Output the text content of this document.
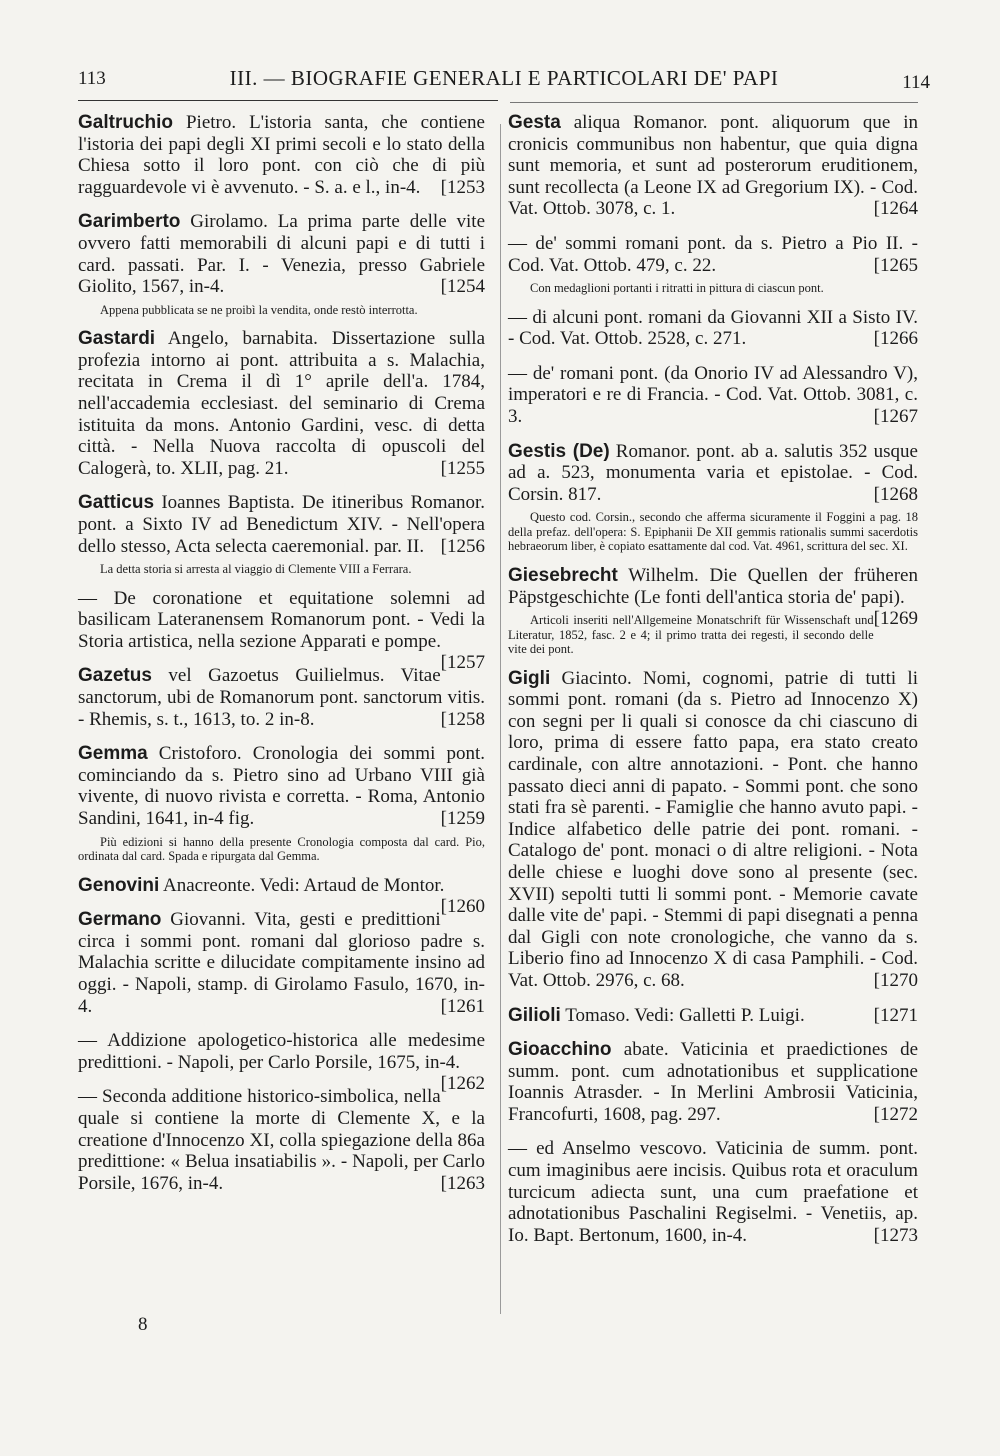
113	III. — BIOGRAFIE GENERALI E PARTICOLARI DE' PAPI	114

Galtruchio Pietro. L'istoria santa, che contiene l'istoria dei papi degli XI primi secoli e lo stato della Chiesa sotto il loro pont. con ciò che di più ragguardevole vi è avvenuto. - S. a. e l., in-4. [1253

Garimberto Girolamo. La prima parte delle vite ovvero fatti memorabili di alcuni papi e di tutti i card. passati. Par. I. - Venezia, presso Gabriele Giolito, 1567, in-4.	[1254

Appena pubblicata se ne proibì la vendita, onde restò interrotta.

Gastardi Angelo, barnabita. Dissertazione sulla profezia intorno ai pont. attribuita a s. Malachia, recitata in Crema il dì 1° aprile dell'a. 1784, nell'accademia ecclesiast. del seminario di Crema istituita da mons. Antonio Gardini, vesc. di detta città. - Nella Nuova raccolta di opuscoli del Calogerà, to. XLII, pag. 21.	[1255

Gatticus Ioannes Baptista. De itineribus Romanor. pont. a Sixto IV ad Benedictum XIV. - Nell'opera dello stesso, Acta selecta caeremonial. par. II. [1256

La detta storia si arresta al viaggio di Clemente VIII a Ferrara.

— De coronatione et equitatione solemni ad basilicam Lateranensem Romanorum pont. - Vedi la Storia artistica, nella sezione Apparati e pompe.
[1257

Gazetus vel Gazoetus Guilielmus. Vitae sanctorum, ubi de Romanorum pont. sanctorum vitis. - Rhemis, s. t., 1613, to. 2 in-8.	[1258

Gemma Cristoforo. Cronologia dei sommi pont. cominciando da s. Pietro sino ad Urbano VIII già vivente, di nuovo rivista e corretta. - Roma, Antonio Sandini, 1641, in-4 fig.	[1259

Più edizioni si hanno della presente Cronologia composta dal card. Pio, ordinata dal card. Spada e ripurgata dal Gemma.

Genovini Anacreonte. Vedi: Artaud de Montor.
[1260

Germano Giovanni. Vita, gesti e predittioni circa i sommi pont. romani dal glorioso padre s. Malachia scritte e dilucidate compitamente insino ad oggi. - Napoli, stamp. di Girolamo Fasulo, 1670, in-4.	[1261

— Addizione apologetico-historica alle medesime predittioni. - Napoli, per Carlo Porsile, 1675, in-4.
[1262

— Seconda additione historico-simbolica, nella quale si contiene la morte di Clemente X, e la creatione d'Innocenzo XI, colla spiegazione della 86a predittione: « Belua insatiabilis ». - Napoli, per Carlo Porsile, 1676, in-4.	[1263

Gesta aliqua Romanor. pont. aliquorum que in cronicis communibus non habentur, que quia digna sunt memoria, et sunt ad posterorum eruditionem, sunt recollecta (a Leone IX ad Gregorium IX). - Cod. Vat. Ottob. 3078, c. 1.	[1264

— de' sommi romani pont. da s. Pietro a Pio II. - Cod. Vat. Ottob. 479, c. 22.	[1265

Con medaglioni portanti i ritratti in pittura di ciascun pont.

— di alcuni pont. romani da Giovanni XII a Sisto IV. - Cod. Vat. Ottob. 2528, c. 271.	[1266

— de' romani pont. (da Onorio IV ad Alessandro V), imperatori e re di Francia. - Cod. Vat. Ottob. 3081, c. 3.	[1267

Gestis (De) Romanor. pont. ab a. salutis 352 usque ad a. 523, monumenta varia et epistolae. - Cod. Corsin. 817.	[1268

Questo cod. Corsin., secondo che afferma sicuramente il Foggini a pag. 18 della prefaz. dell'opera: S. Epiphanii De XII gemmis rationalis summi sacerdotis hebraeorum liber, è copiato esattamente dal cod. Vat. 4961, scrittura del sec. XI.

Giesebrecht Wilhelm. Die Quellen der früheren Päpstgeschichte (Le fonti dell'antica storia de' papi).
[1269

Articoli inseriti nell'Allgemeine Monatschrift für Wissenschaft und Literatur, 1852, fasc. 2 e 4; il primo tratta dei regesti, il secondo delle vite dei pont.

Gigli Giacinto. Nomi, cognomi, patrie di tutti li sommi pont. romani (da s. Pietro ad Innocenzo X) con segni per li quali si conosce da chi ciascuno di loro, prima di essere fatto papa, era stato creato cardinale, con altre annotazioni. - Pont. che hanno passato dieci anni di papato. - Sommi pont. che sono stati fra sè parenti. - Famiglie che hanno avuto papi. - Indice alfabetico delle patrie dei pont. romani. - Catalogo de' pont. monaci o di altre religioni. - Nota delle chiese e luoghi dove sono al presente (sec. XVII) sepolti tutti li sommi pont. - Memorie cavate dalle vite de' papi. - Stemmi di papi disegnati a penna dal Gigli con note cronologiche, che vanno da s. Liberio fino ad Innocenzo X di casa Pamphili. - Cod. Vat. Ottob. 2976, c. 68.	[1270

Gilioli Tomaso. Vedi: Galletti P. Luigi.	[1271

Gioacchino abate. Vaticinia et praedictiones de summ. pont. cum adnotationibus et supplicatione Ioannis Atrasder. - In Merlini Ambrosii Vaticinia, Francofurti, 1608, pag. 297.	[1272

— ed Anselmo vescovo. Vaticinia de summ. pont. cum imaginibus aere incisis. Quibus rota et oraculum turcicum adiecta sunt, una cum praefatione et adnotationibus Paschalini Regiselmi. - Venetiis, ap. Io. Bapt. Bertonum, 1600, in-4.	[1273

8
